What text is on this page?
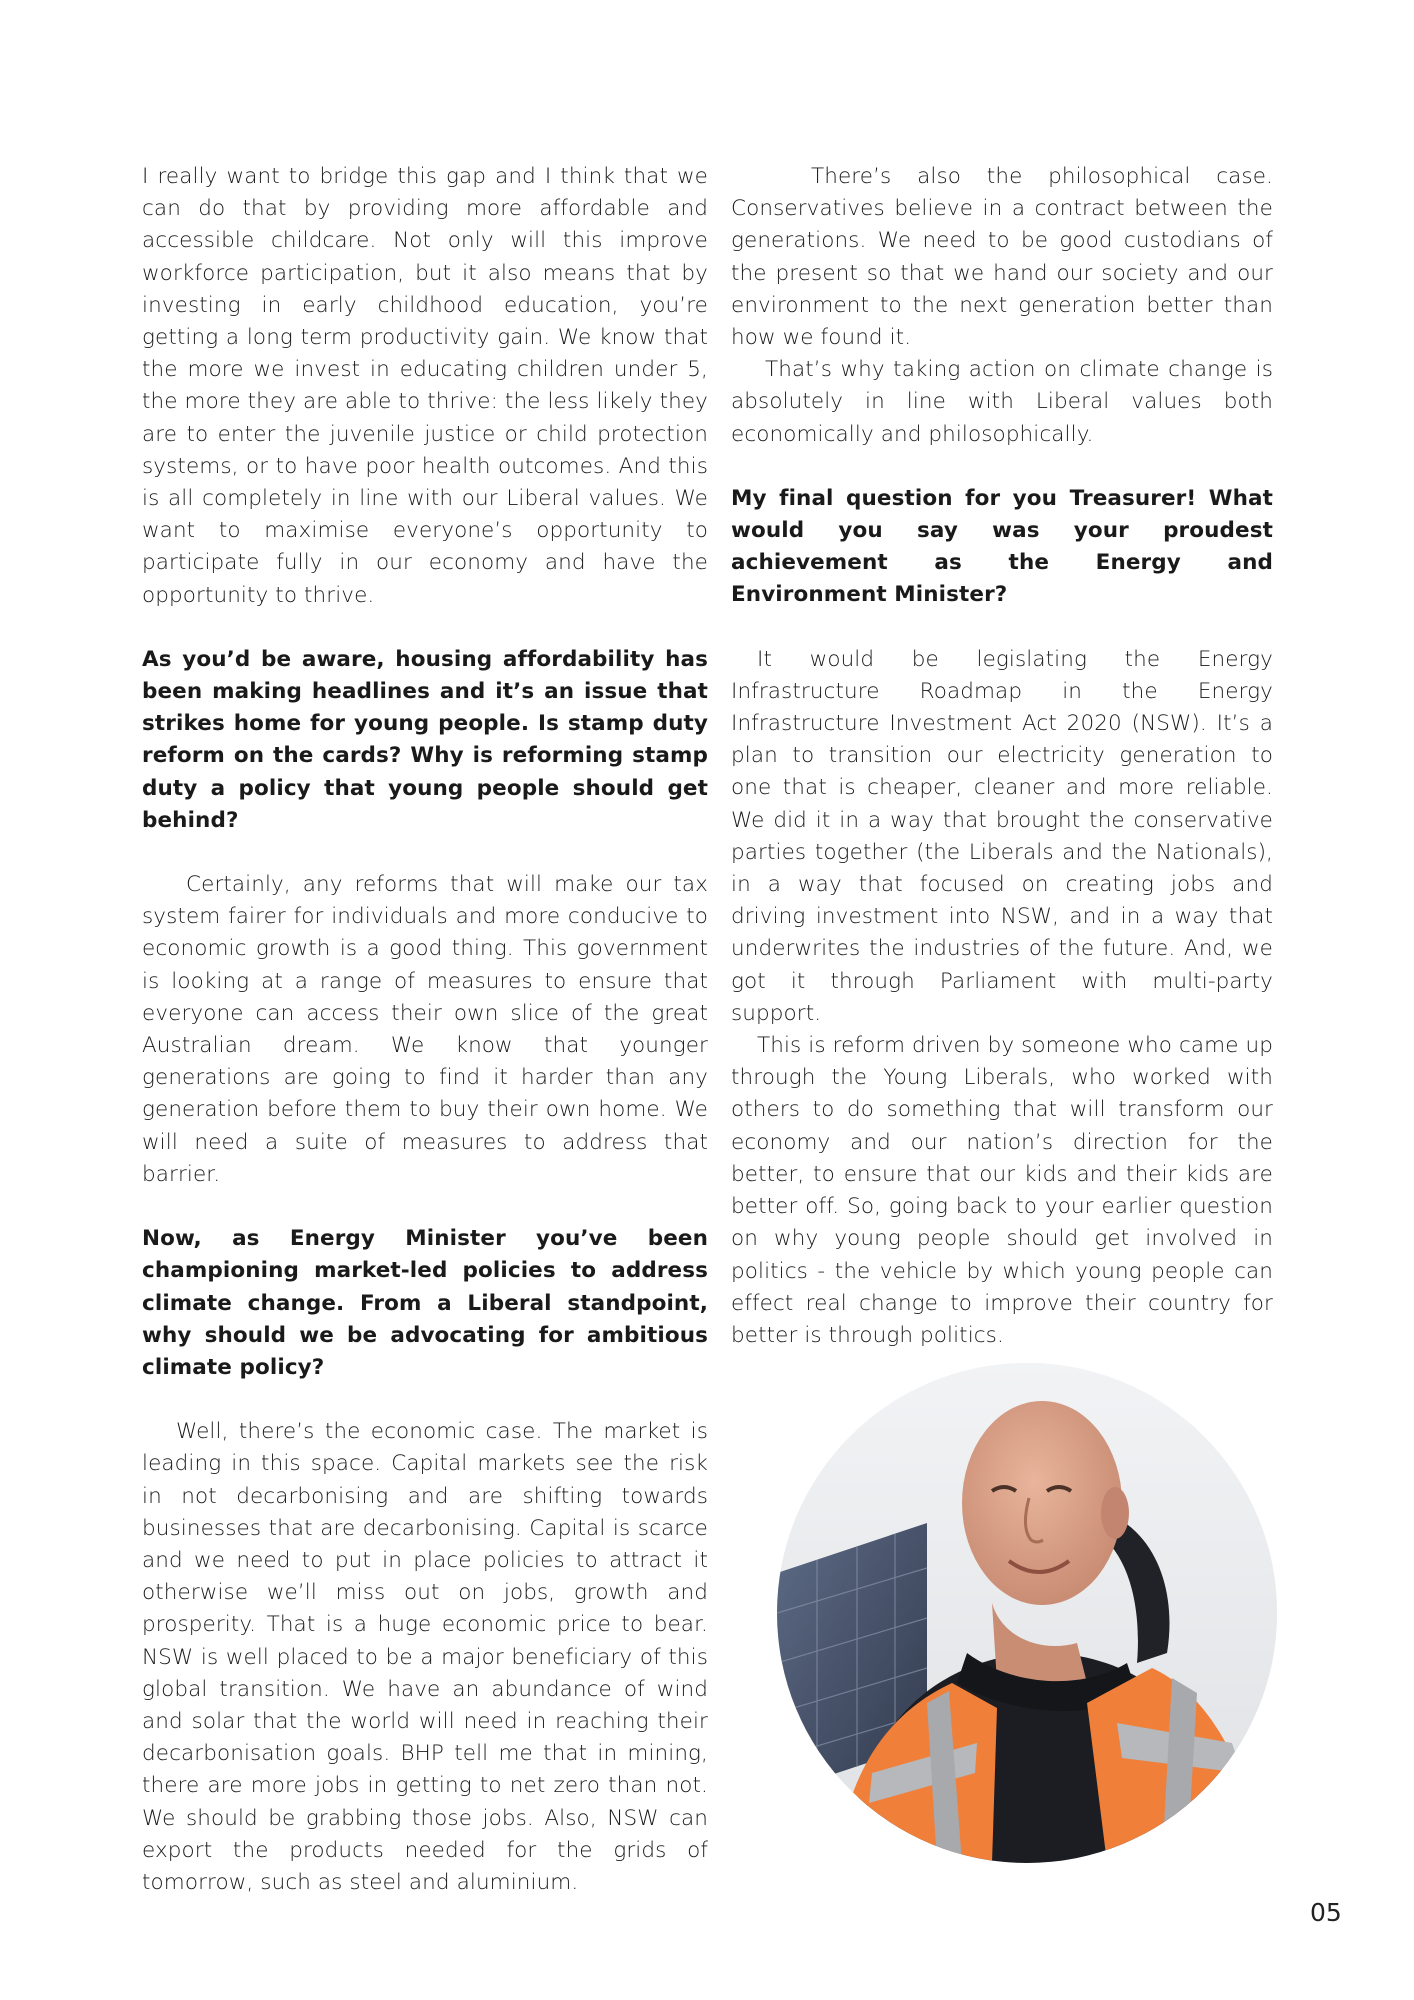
I really want to bridge this gap and I think that we can do that by providing more affordable and accessible childcare. Not only will this improve workforce participation, but it also means that by investing in early childhood education, you’re getting a long term productivity gain. We know that the more we invest in educating children under 5, the more they are able to thrive: the less likely they are to enter the juvenile justice or child protection systems, or to have poor health outcomes. And this is all completely in line with our Liberal values. We want to maximise everyone’s opportunity to participate fully in our economy and have the opportunity to thrive.

As you’d be aware, housing affordability has been making headlines and it’s an issue that strikes home for young people. Is stamp duty reform on the cards? Why is reforming stamp duty a policy that young people should get behind?

Certainly, any reforms that will make our tax system fairer for individuals and more conducive to economic growth is a good thing. This government is looking at a range of measures to ensure that everyone can access their own slice of the great Australian dream. We know that younger generations are going to find it harder than any generation before them to buy their own home. We will need a suite of measures to address that barrier.

Now, as Energy Minister you’ve been championing market-led policies to address climate change. From a Liberal standpoint, why should we be advocating for ambitious climate policy?

Well, there’s the economic case. The market is leading in this space. Capital markets see the risk in not decarbonising and are shifting towards businesses that are decarbonising. Capital is scarce and we need to put in place policies to attract it otherwise we’ll miss out on jobs, growth and prosperity. That is a huge economic price to bear. NSW is well placed to be a major beneficiary of this global transition. We have an abundance of wind and solar that the world will need in reaching their decarbonisation goals. BHP tell me that in mining, there are more jobs in getting to net zero than not. We should be grabbing those jobs. Also, NSW can export the products needed for the grids of tomorrow, such as steel and aluminium.

There’s also the philosophical case. Conservatives believe in a contract between the generations. We need to be good custodians of the present so that we hand our society and our environment to the next generation better than how we found it.

That’s why taking action on climate change is absolutely in line with Liberal values both economically and philosophically.

My final question for you Treasurer! What would you say was your proudest achievement as the Energy and Environment Minister?

It would be legislating the Energy Infrastructure Roadmap in the Energy Infrastructure Investment Act 2020 (NSW). It’s a plan to transition our electricity generation to one that is cheaper, cleaner and more reliable. We did it in a way that brought the conservative parties together (the Liberals and the Nationals), in a way that focused on creating jobs and driving investment into NSW, and in a way that underwrites the industries of the future. And, we got it through Parliament with multi-party support.

This is reform driven by someone who came up through the Young Liberals, who worked with others to do something that will transform our economy and our nation’s direction for the better, to ensure that our kids and their kids are better off. So, going back to your earlier question on why young people should get involved in politics - the vehicle by which young people can effect real change to improve their country for better is through politics.

05
